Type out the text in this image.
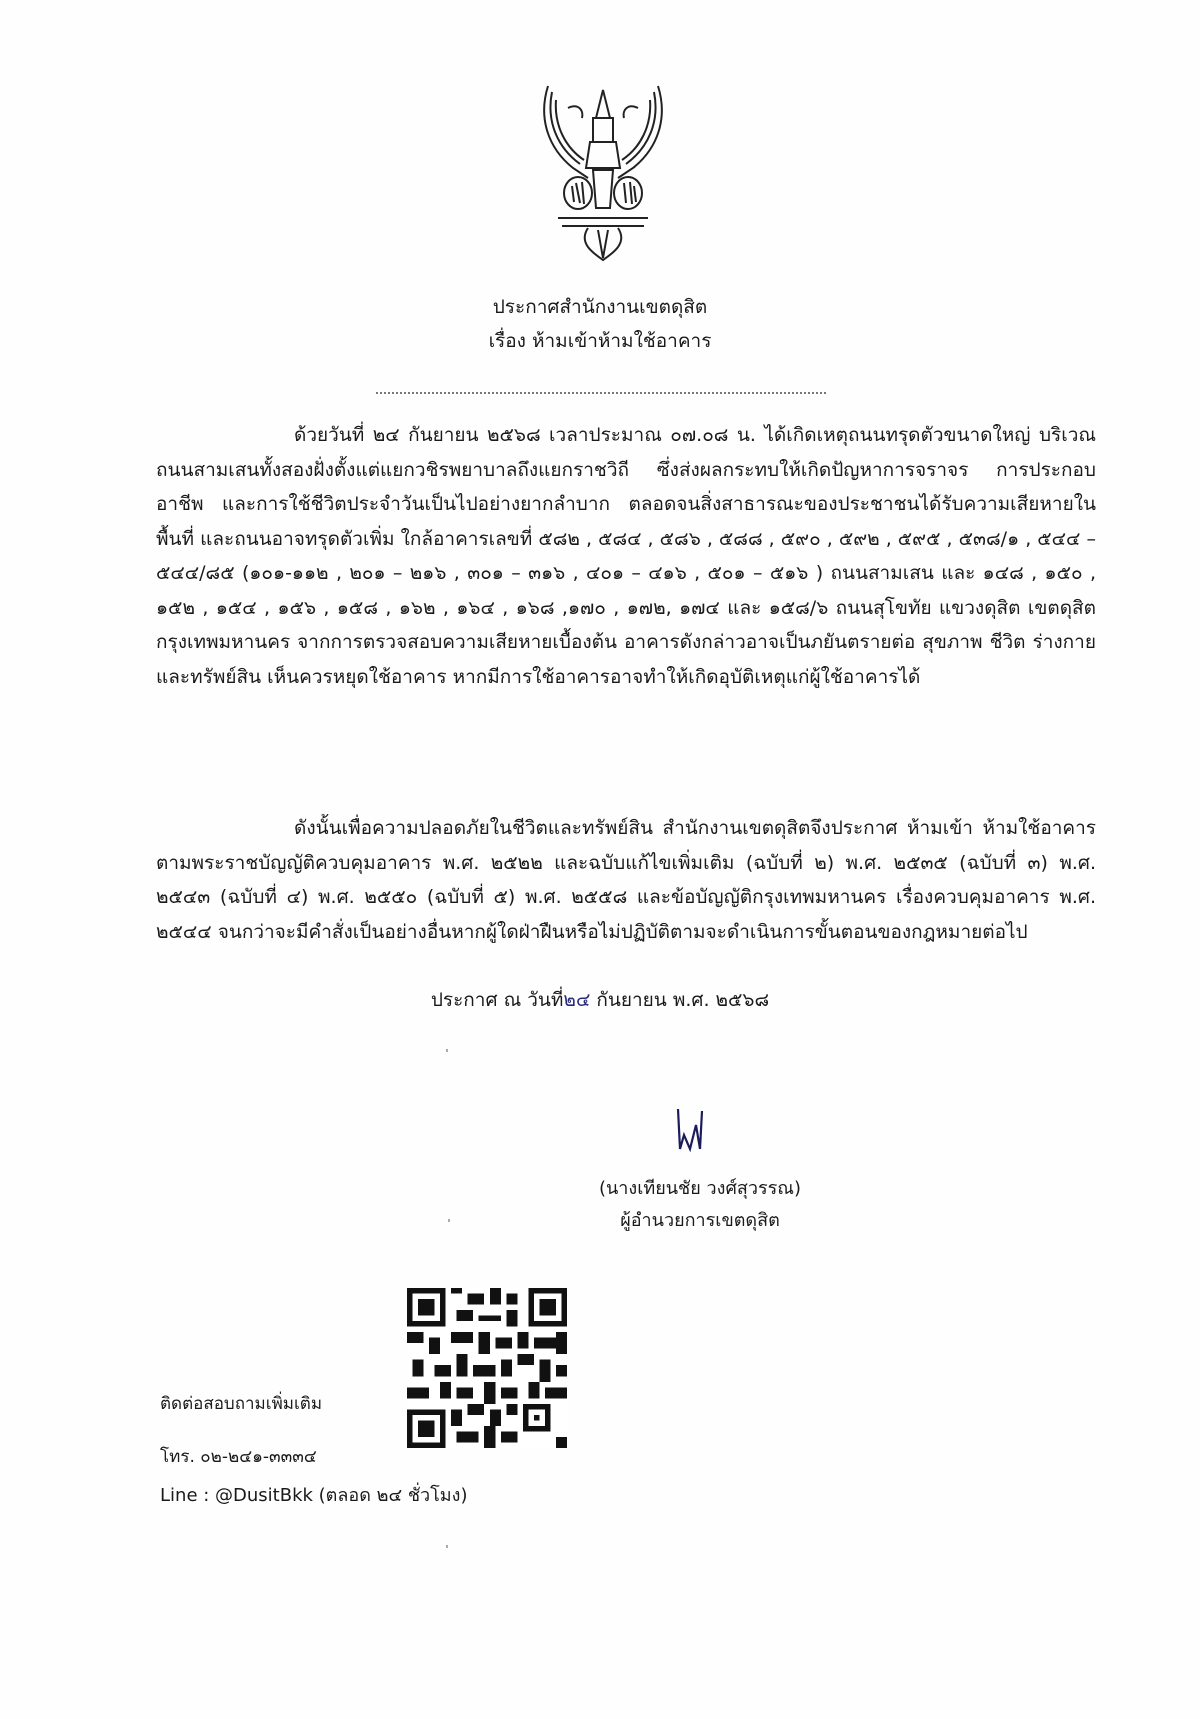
ประกาศสำนักงานเขตดุสิต
เรื่อง ห้ามเข้าห้ามใช้อาคาร
ด้วยวันที่ ๒๔ กันยายน ๒๕๖๘ เวลาประมาณ ๐๗.๐๘ น. ได้เกิดเหตุถนนทรุดตัวขนาดใหญ่ บริเวณถนนสามเสนทั้งสองฝั่งตั้งแต่แยกวชิรพยาบาลถึงแยกราชวิถี ซึ่งส่งผลกระทบให้เกิดปัญหาการจราจร การประกอบอาชีพ และการใช้ชีวิตประจำวันเป็นไปอย่างยากลำบาก ตลอดจนสิ่งสาธารณะของประชาชนได้รับความเสียหายในพื้นที่ และถนนอาจทรุดตัวเพิ่ม ใกล้อาคารเลขที่ ๕๘๒ , ๕๘๔ , ๕๘๖ , ๕๘๘ , ๕๙๐ , ๕๙๒ , ๕๙๕ , ๕๓๘/๑ , ๕๔๔ – ๕๔๔/๘๕ (๑๐๑-๑๑๒ , ๒๐๑ – ๒๑๖ , ๓๐๑ – ๓๑๖ , ๔๐๑ – ๔๑๖ , ๕๐๑ – ๕๑๖ ) ถนนสามเสน และ ๑๔๘ , ๑๕๐ , ๑๕๒ , ๑๕๔ , ๑๕๖ , ๑๕๘ , ๑๖๒ , ๑๖๔ , ๑๖๘ ,๑๗๐ , ๑๗๒, ๑๗๔ และ ๑๕๘/๖ ถนนสุโขทัย แขวงดุสิต เขตดุสิต กรุงเทพมหานคร จากการตรวจสอบความเสียหายเบื้องต้น อาคารดังกล่าวอาจเป็นภยันตรายต่อ สุขภาพ ชีวิต ร่างกาย และทรัพย์สิน เห็นควรหยุดใช้อาคาร หากมีการใช้อาคารอาจทำให้เกิดอุบัติเหตุแก่ผู้ใช้อาคารได้
ดังนั้นเพื่อความปลอดภัยในชีวิตและทรัพย์สิน สำนักงานเขตดุสิตจึงประกาศ ห้ามเข้า ห้ามใช้อาคาร ตามพระราชบัญญัติควบคุมอาคาร พ.ศ. ๒๕๒๒ และฉบับแก้ไขเพิ่มเติม (ฉบับที่ ๒) พ.ศ. ๒๕๓๕ (ฉบับที่ ๓) พ.ศ. ๒๕๔๓ (ฉบับที่ ๔) พ.ศ. ๒๕๕๐ (ฉบับที่ ๕) พ.ศ. ๒๕๕๘ และข้อบัญญัติกรุงเทพมหานคร เรื่องควบคุมอาคาร พ.ศ. ๒๕๔๔ จนกว่าจะมีคำสั่งเป็นอย่างอื่นหากผู้ใดฝ่าฝืนหรือไม่ปฏิบัติตามจะดำเนินการขั้นตอนของกฎหมายต่อไป
ประกาศ ณ วันที่๒๔ กันยายน พ.ศ. ๒๕๖๘
(นางเทียนชัย วงศ์สุวรรณ)
ผู้อำนวยการเขตดุสิต
ติดต่อสอบถามเพิ่มเติม
โทร. ๐๒-๒๔๑-๓๓๓๔
Line : @DusitBkk (ตลอด ๒๔ ชั่วโมง)
